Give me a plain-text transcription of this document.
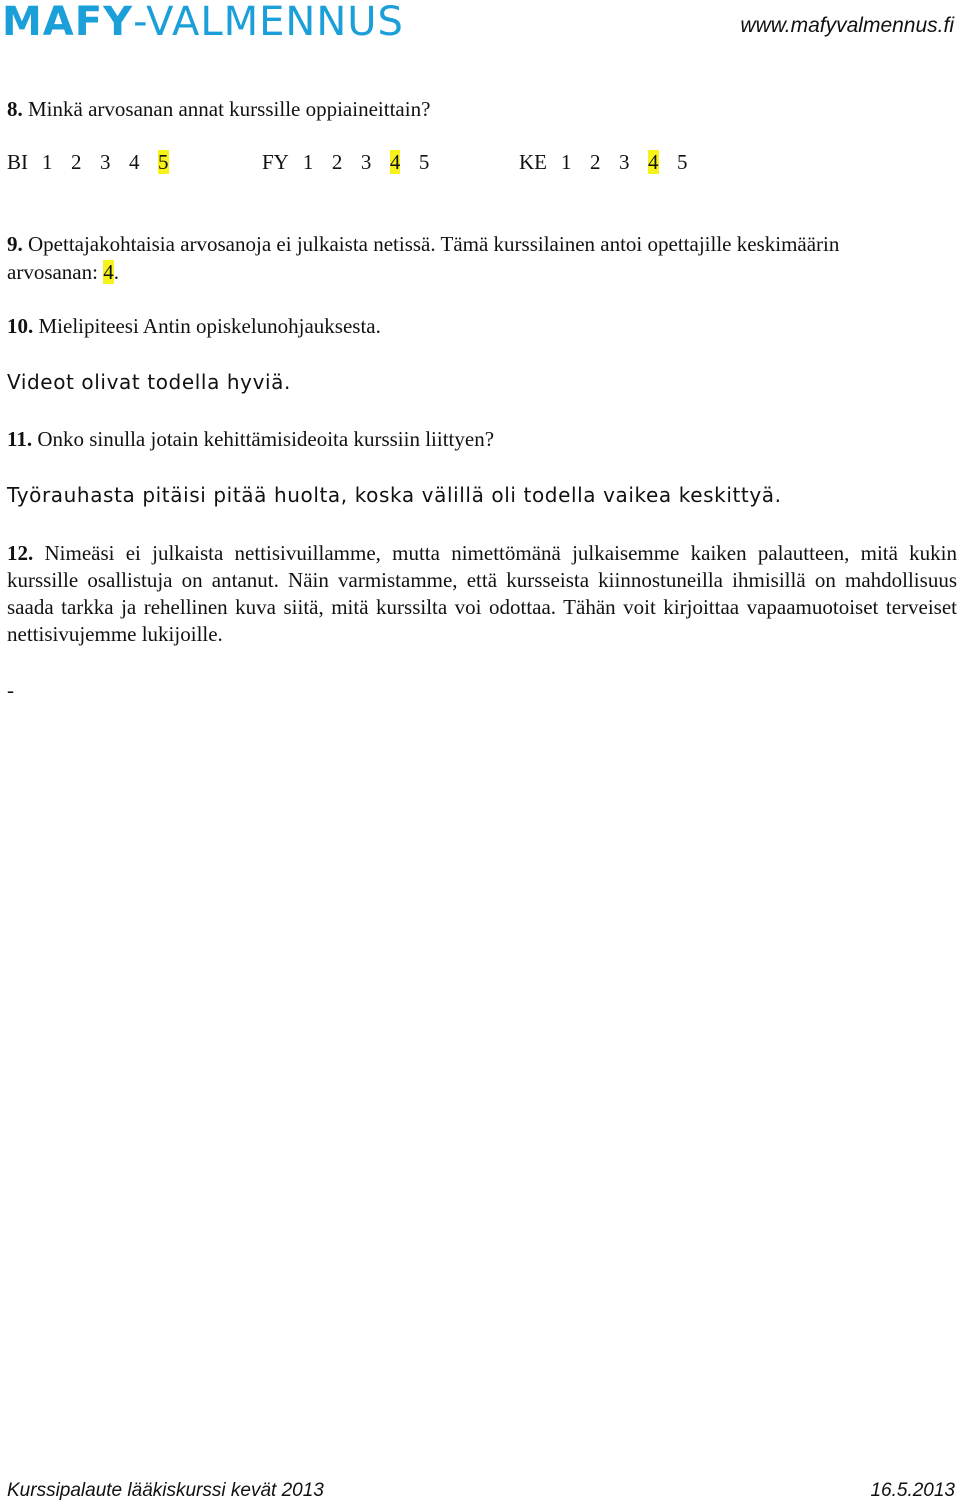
MAFY-VALMENNUS	www.mafyvalmennus.fi
8. Minkä arvosanan annat kurssille oppiaineittain?
BI 1 2 3 4 5	FY 1 2 3 4 5	KE 1 2 3 4 5
9. Opettajakohtaisia arvosanoja ei julkaista netissä. Tämä kurssilainen antoi opettajille keskimäärin
arvosanan: 4.
10. Mielipiteesi Antin opiskelunohjauksesta.
Videot olivat todella hyviä.
11. Onko sinulla jotain kehittämisideoita kurssiin liittyen?
Työrauhasta pitäisi pitää huolta, koska välillä oli todella vaikea keskittyä.
12. Nimeäsi ei julkaista nettisivuillamme, mutta nimettömänä julkaisemme kaiken palautteen, mitä kukin kurssille osallistuja on antanut. Näin varmistamme, että kursseista kiinnostuneilla ihmisillä on mahdollisuus saada tarkka ja rehellinen kuva siitä, mitä kurssilta voi odottaa. Tähän voit kirjoittaa vapaamuotoiset terveiset nettisivujemme lukijoille.
-
Kurssipalaute lääkiskurssi kevät 2013	16.5.2013
